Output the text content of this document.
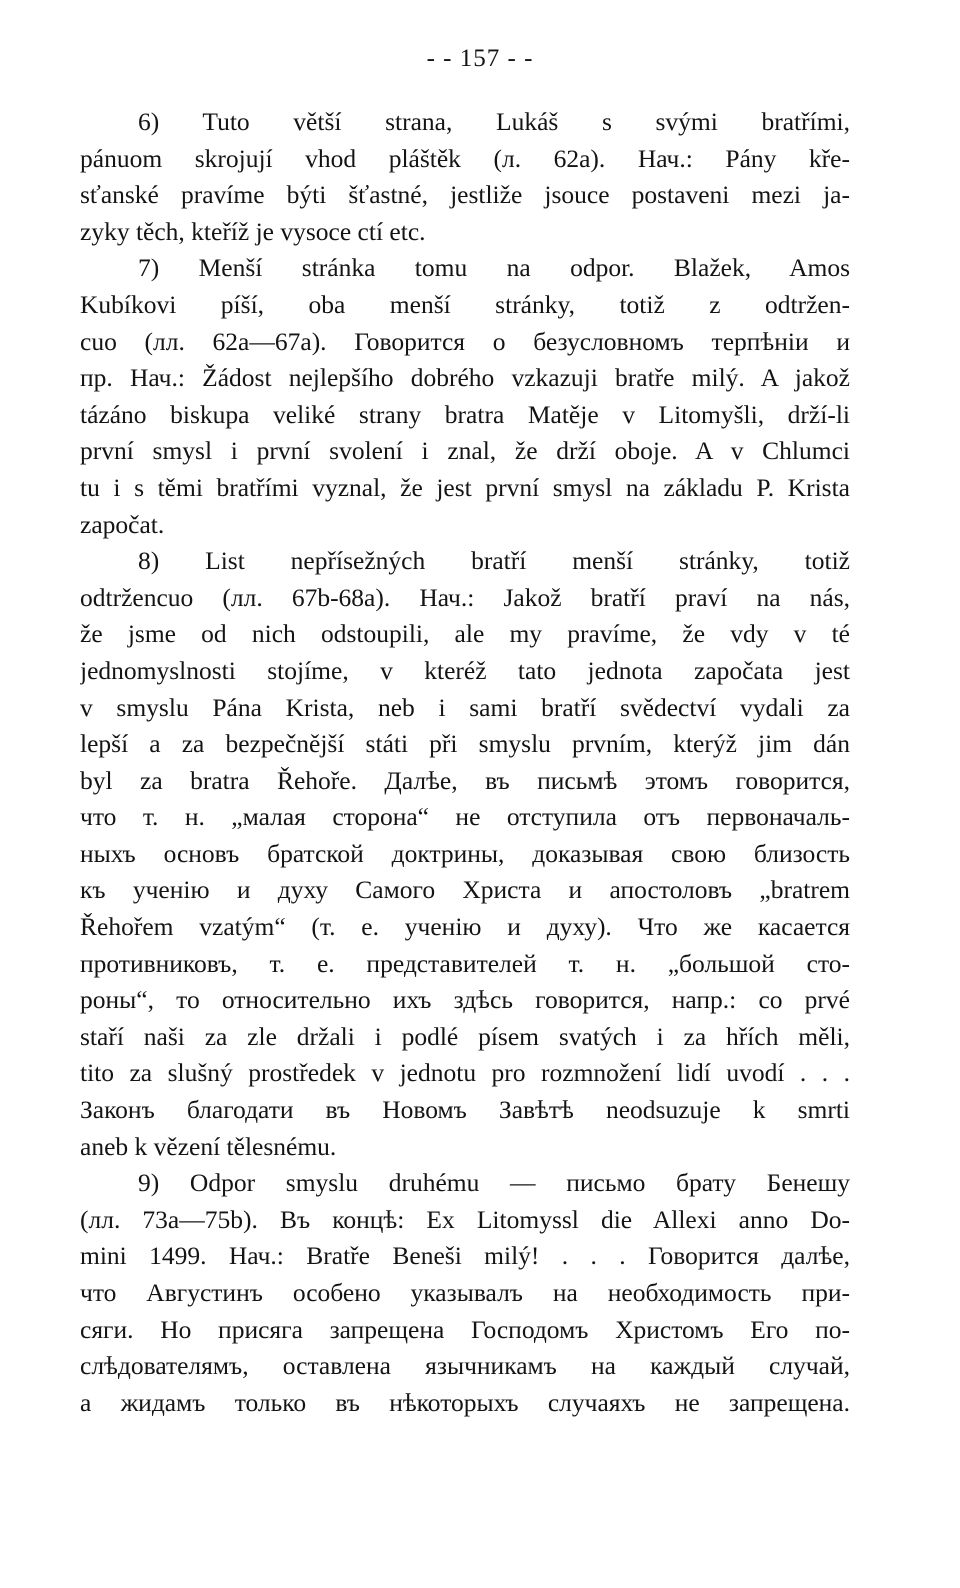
- - 157 - -
6) Tuto větší strana, Lukáš s svými bratřími,
pánuom skrojují vhod pláštěk (л. 62a). Нач.: Pány kře-
sťanské pravíme býti šťastné, jestliže jsouce postaveni mezi ja-
zyky těch, kteříž je vysoce ctí etc.
7) Menší stránka tomu na odpor. Blažek, Amos
Kubíkovi píší, oba menší stránky, totiž z odtržen-
cuo (лл. 62a—67a). Говорится о безусловномъ терпѣніи и
пр. Нач.: Žádost nejlepšího dobrého vzkazuji bratře milý. A jakož
tázáno biskupa veliké strany bratra Matěje v Litomyšli, drží-li
první smysl i první svolení i znal, že drží oboje. A v Chlumci
tu i s těmi bratřími vyznal, že jest první smysl na základu P. Krista
započat.
8) List nepřísežných bratří menší stránky, totiž
odtržencuo (лл. 67b-68a). Нач.: Jakož bratří praví na nás,
že jsme od nich odstoupili, ale my pravíme, že vdy v té
jednomyslnosti stojíme, v kteréž tato jednota započata jest
v smyslu Pána Krista, neb i sami bratří svědectví vydali za
lepší a za bezpečnější státi při smyslu prvním, kterýž jim dán
byl za bratra Řehoře. Далѣе, въ письмѣ этомъ говорится,
что т. н. „малая сторона“ не отступила отъ первоначаль-
ныхъ основъ братской доктрины, доказывая свою близость
къ ученію и духу Самого Христа и апостоловъ „bratrem
Řehořem vzatým“ (т. е. ученію и духу). Что же касается
противниковъ, т. е. представителей т. н. „большой сто-
роны“, то относительно ихъ здѣсь говорится, напр.: co prvé
staří naši za zle držali i podlé písem svatých i za hřích měli,
tito za slušný prostředek v jednotu pro rozmnožení lidí uvodí . . .
Законъ благодати въ Новомъ Завѣтѣ neodsuzuje k smrti
aneb k vězení tělesnému.
9) Odpor smyslu druhému — письмо брату Бенешу
(лл. 73a—75b). Въ концѣ: Ex Litomyssl die Allexi anno Do-
mini 1499. Нач.: Bratře Beneši milý! . . . Говорится далѣе,
что Августинъ особено указывалъ на необходимость при-
сяги. Но присяга запрещена Господомъ Христомъ Его по-
слѣдователямъ, оставлена язычникамъ на каждый случай,
а жидамъ только въ нѣкоторыхъ случаяхъ не запрещена.
